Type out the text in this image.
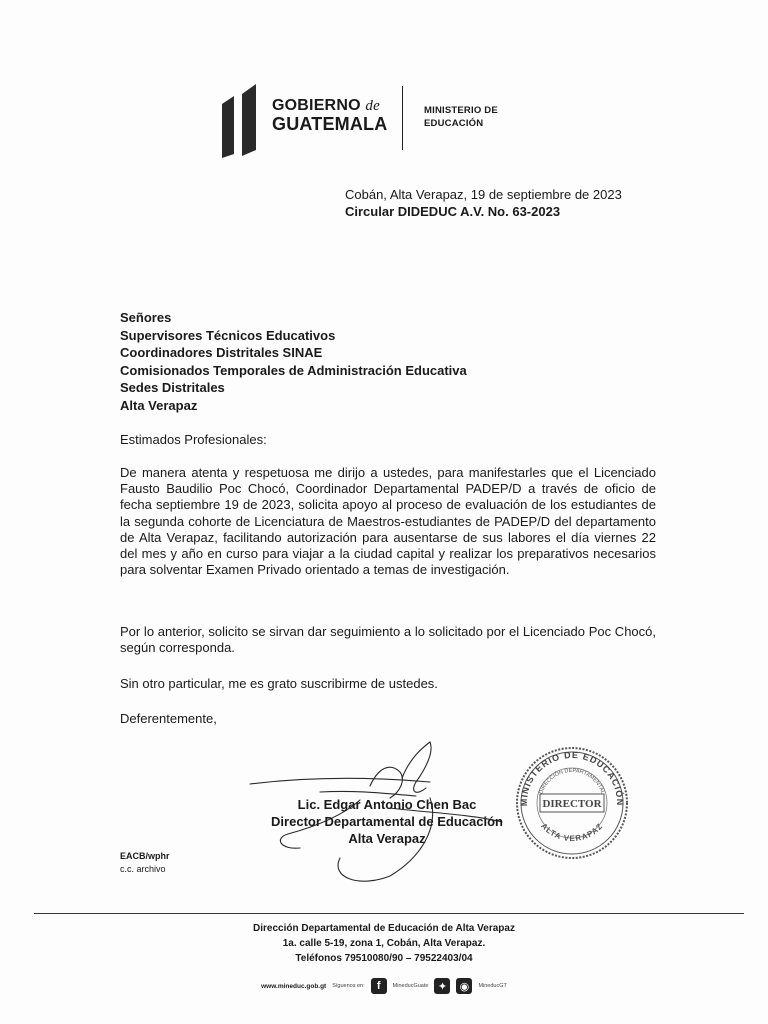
GOBIERNO de
GUATEMALA
MINISTERIO DE
EDUCACIÓN
Cobán, Alta Verapaz, 19 de septiembre de 2023
Circular DIDEDUC A.V. No. 63-2023
Señores
Supervisores Técnicos Educativos
Coordinadores Distritales SINAE
Comisionados Temporales de Administración Educativa
Sedes Distritales
Alta Verapaz
Estimados Profesionales:
De manera atenta y respetuosa me dirijo a ustedes, para manifestarles que el Licenciado Fausto Baudilio Poc Chocó, Coordinador Departamental PADEP/D a través de oficio de fecha septiembre 19 de 2023, solicita apoyo al proceso de evaluación de los estudiantes de la segunda cohorte de Licenciatura de Maestros-estudiantes de PADEP/D del departamento de Alta Verapaz, facilitando autorización para ausentarse de sus labores el día viernes 22 del mes y año en curso para viajar a la ciudad capital y realizar los preparativos necesarios para solventar Examen Privado orientado a temas de investigación.
Por lo anterior, solicito se sirvan dar seguimiento a lo solicitado por el Licenciado Poc Chocó, según corresponda.
Sin otro particular, me es grato suscribirme de ustedes.
Deferentemente,
Lic. Edgar Antonio Chen Bac
Director Departamental de Educación
Alta Verapaz
MINISTERIO DE EDUCACIÓN
DIRECCIÓN DEPARTAMENTAL
DIRECTOR
ALTA VERAPAZ
EACB/wphr
c.c. archivo
Dirección Departamental de Educación de Alta Verapaz
1a. calle 5-19, zona 1, Cobán, Alta Verapaz.
Teléfonos 79510080/90 – 79522403/04
www.mineduc.gob.gt Síguenos en:	f	MineducGuate ✦	◉	MineducGT
